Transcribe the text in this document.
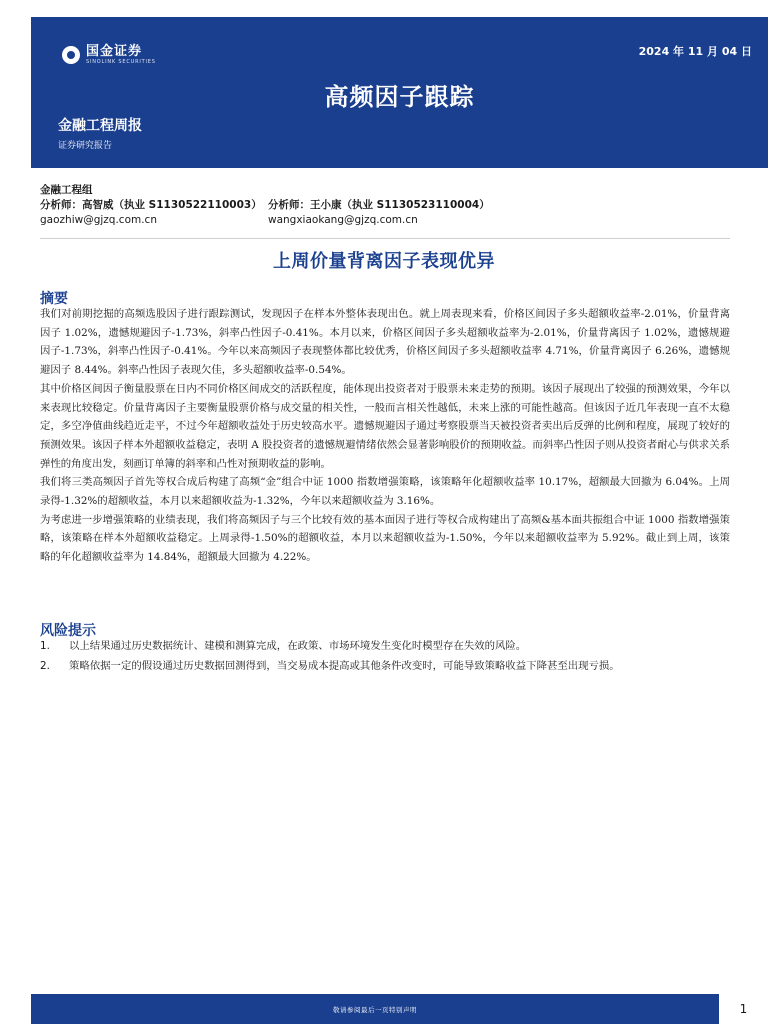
国金证券
SINOLINK SECURITIES
2024 年 11 月 04 日
高频因子跟踪
金融工程周报
证券研究报告
金融工程组
分析师：高智威（执业 S1130522110003） 分析师：王小康（执业 S1130523110004）
gaozhiw@gjzq.com.cn	wangxiaokang@gjzq.com.cn
上周价量背离因子表现优异
摘要

我们对前期挖掘的高频选股因子进行跟踪测试，发现因子在样本外整体表现出色。就上周表现来看，价格区间因子多头超额收益率-2.01%，价量背离因子 1.02%，遗憾规避因子-1.73%，斜率凸性因子-0.41%。本月以来，价格区间因子多头超额收益率为-2.01%，价量背离因子 1.02%，遗憾规避因子-1.73%，斜率凸性因子-0.41%。今年以来高频因子表现整体都比较优秀，价格区间因子多头超额收益率 4.71%，价量背离因子 6.26%，遗憾规避因子 8.44%。斜率凸性因子表现欠佳，多头超额收益率-0.54%。

其中价格区间因子衡量股票在日内不同价格区间成交的活跃程度，能体现出投资者对于股票未来走势的预期。该因子展现出了较强的预测效果，今年以来表现比较稳定。价量背离因子主要衡量股票价格与成交量的相关性，一般而言相关性越低，未来上涨的可能性越高。但该因子近几年表现一直不太稳定，多空净值曲线趋近走平，不过今年超额收益处于历史较高水平。遗憾规避因子通过考察股票当天被投资者卖出后反弹的比例和程度，展现了较好的预测效果。该因子样本外超额收益稳定，表明 A 股投资者的遗憾规避情绪依然会显著影响股价的预期收益。而斜率凸性因子则从投资者耐心与供求关系弹性的角度出发，刻画订单簿的斜率和凸性对预期收益的影响。

我们将三类高频因子首先等权合成后构建了高频“金”组合中证 1000 指数增强策略，该策略年化超额收益率 10.17%，超额最大回撤为 6.04%。上周录得-1.32%的超额收益，本月以来超额收益为-1.32%，今年以来超额收益为 3.16%。

为考虑进一步增强策略的业绩表现，我们将高频因子与三个比较有效的基本面因子进行等权合成构建出了高频&基本面共振组合中证 1000 指数增强策略，该策略在样本外超额收益稳定。上周录得-1.50%的超额收益，本月以来超额收益为-1.50%，今年以来超额收益率为 5.92%。截止到上周，该策略的年化超额收益率为 14.84%，超额最大回撤为 4.22%。

风险提示
1.	以上结果通过历史数据统计、建模和测算完成，在政策、市场环境发生变化时模型存在失效的风险。
2.	策略依据一定的假设通过历史数据回测得到，当交易成本提高或其他条件改变时，可能导致策略收益下降甚至出现亏损。
敬请参阅最后一页特别声明	1
